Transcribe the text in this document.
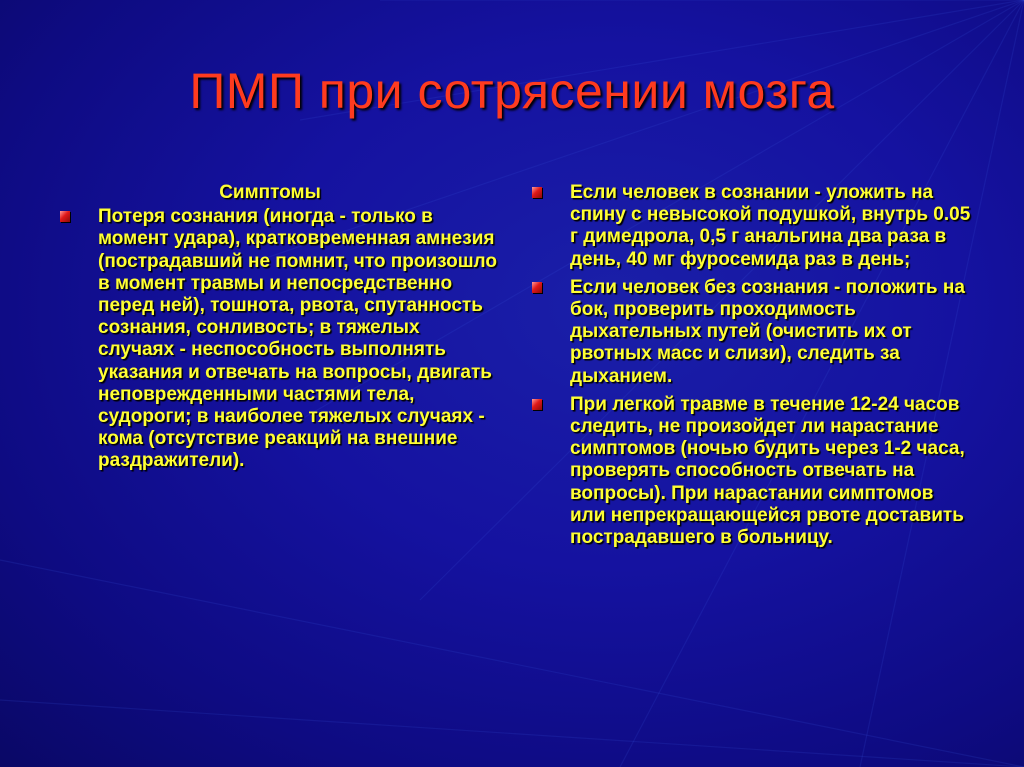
ПМП при сотрясении мозга
Симптомы
Потеря сознания (иногда - только в момент удара), кратковременная амнезия (пострадавший не помнит, что произошло в момент травмы и непосредственно перед ней), тошнота, рвота, спутанность сознания, сонливость; в тяжелых случаях - неспособность выполнять указания и отвечать на вопросы, двигать неповрежденными частями тела, судороги; в наиболее тяжелых случаях - кома (отсутствие реакций на внешние раздражители).
Если человек в сознании - уложить на спину с невысокой подушкой, внутрь 0.05 г димедрола, 0,5 г анальгина два раза в день, 40 мг фуросемида раз в день;
Если человек без сознания - положить на бок, проверить проходимость дыхательных путей (очистить их от рвотных масс и слизи), следить за дыханием.
При легкой травме в течение 12-24 часов следить, не произойдет ли нарастание симптомов (ночью будить через 1-2 часа, проверять способность отвечать на вопросы). При нарастании симптомов или непрекращающейся рвоте доставить пострадавшего в больницу.
